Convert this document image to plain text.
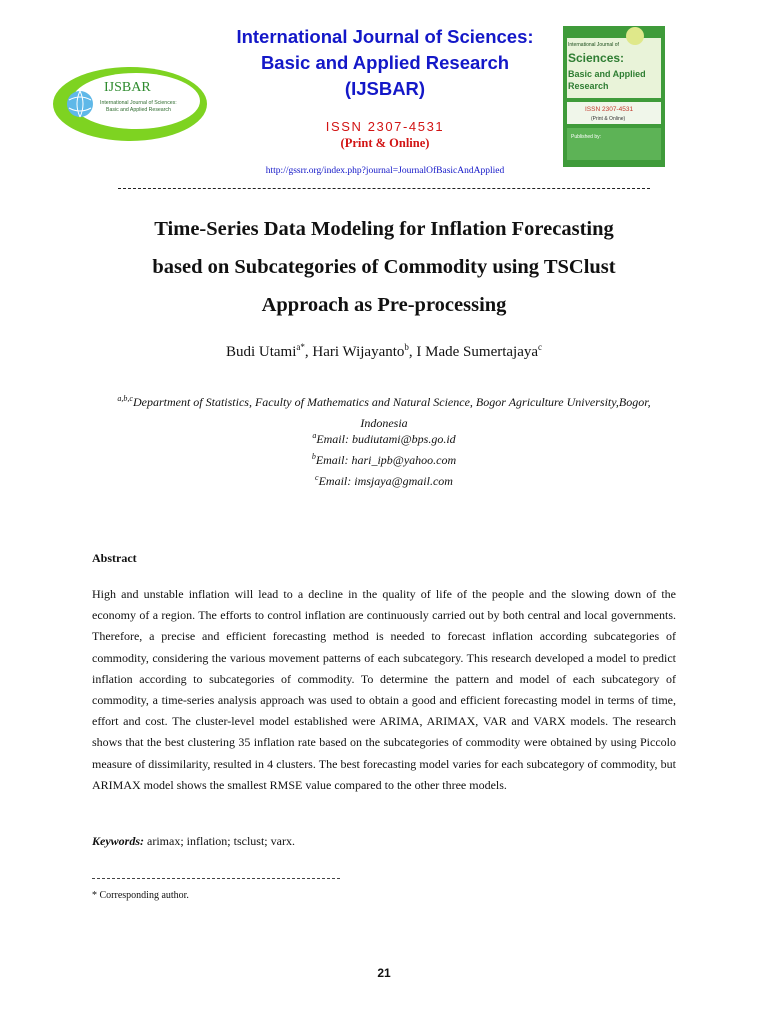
IJSBAR
International Journal of Sciences:
Basic and Applied Research
International Journal of Sciences:
Basic and Applied Research
(IJSBAR)
ISSN 2307-4531
(Print & Online)
http://gssrr.org/index.php?journal=JournalOfBasicAndApplied
International Journal of
Sciences:
Basic and Applied
Research
ISSN 2307-4531
(Print & Online)
Published by:
Time-Series Data Modeling for Inflation Forecasting
based on Subcategories of Commodity using TSClust
Approach as Pre-processing
Budi Utami$^{a*}$, Hari Wijayanto$^b$, I Made Sumertajaya$^c$
$^{a,b,c}$Department of Statistics, Faculty of Mathematics and Natural Science, Bogor Agriculture University,Bogor,
Indonesia
$^a$Email: budiutami@bps.go.id
$^b$Email: hari_ipb@yahoo.com
$^c$Email: imsjaya@gmail.com
Abstract
High and unstable inflation will lead to a decline in the quality of life of the people and the slowing down of the economy of a region. The efforts to control inflation are continuously carried out by both central and local governments. Therefore, a precise and efficient forecasting method is needed to forecast inflation according subcategories of commodity, considering the various movement patterns of each subcategory. This research developed a model to predict inflation according to subcategories of commodity. To determine the pattern and model of each subcategory of commodity, a time-series analysis approach was used to obtain a good and efficient forecasting model in terms of time, effort and cost. The cluster-level model established were ARIMA, ARIMAX, VAR and VARX models. The research shows that the best clustering 35 inflation rate based on the subcategories of commodity were obtained by using Piccolo measure of dissimilarity, resulted in 4 clusters. The best forecasting model varies for each subcategory of commodity, but ARIMAX model shows the smallest RMSE value compared to the other three models.
Keywords: arimax; inflation; tsclust; varx.
* Corresponding author.
21
